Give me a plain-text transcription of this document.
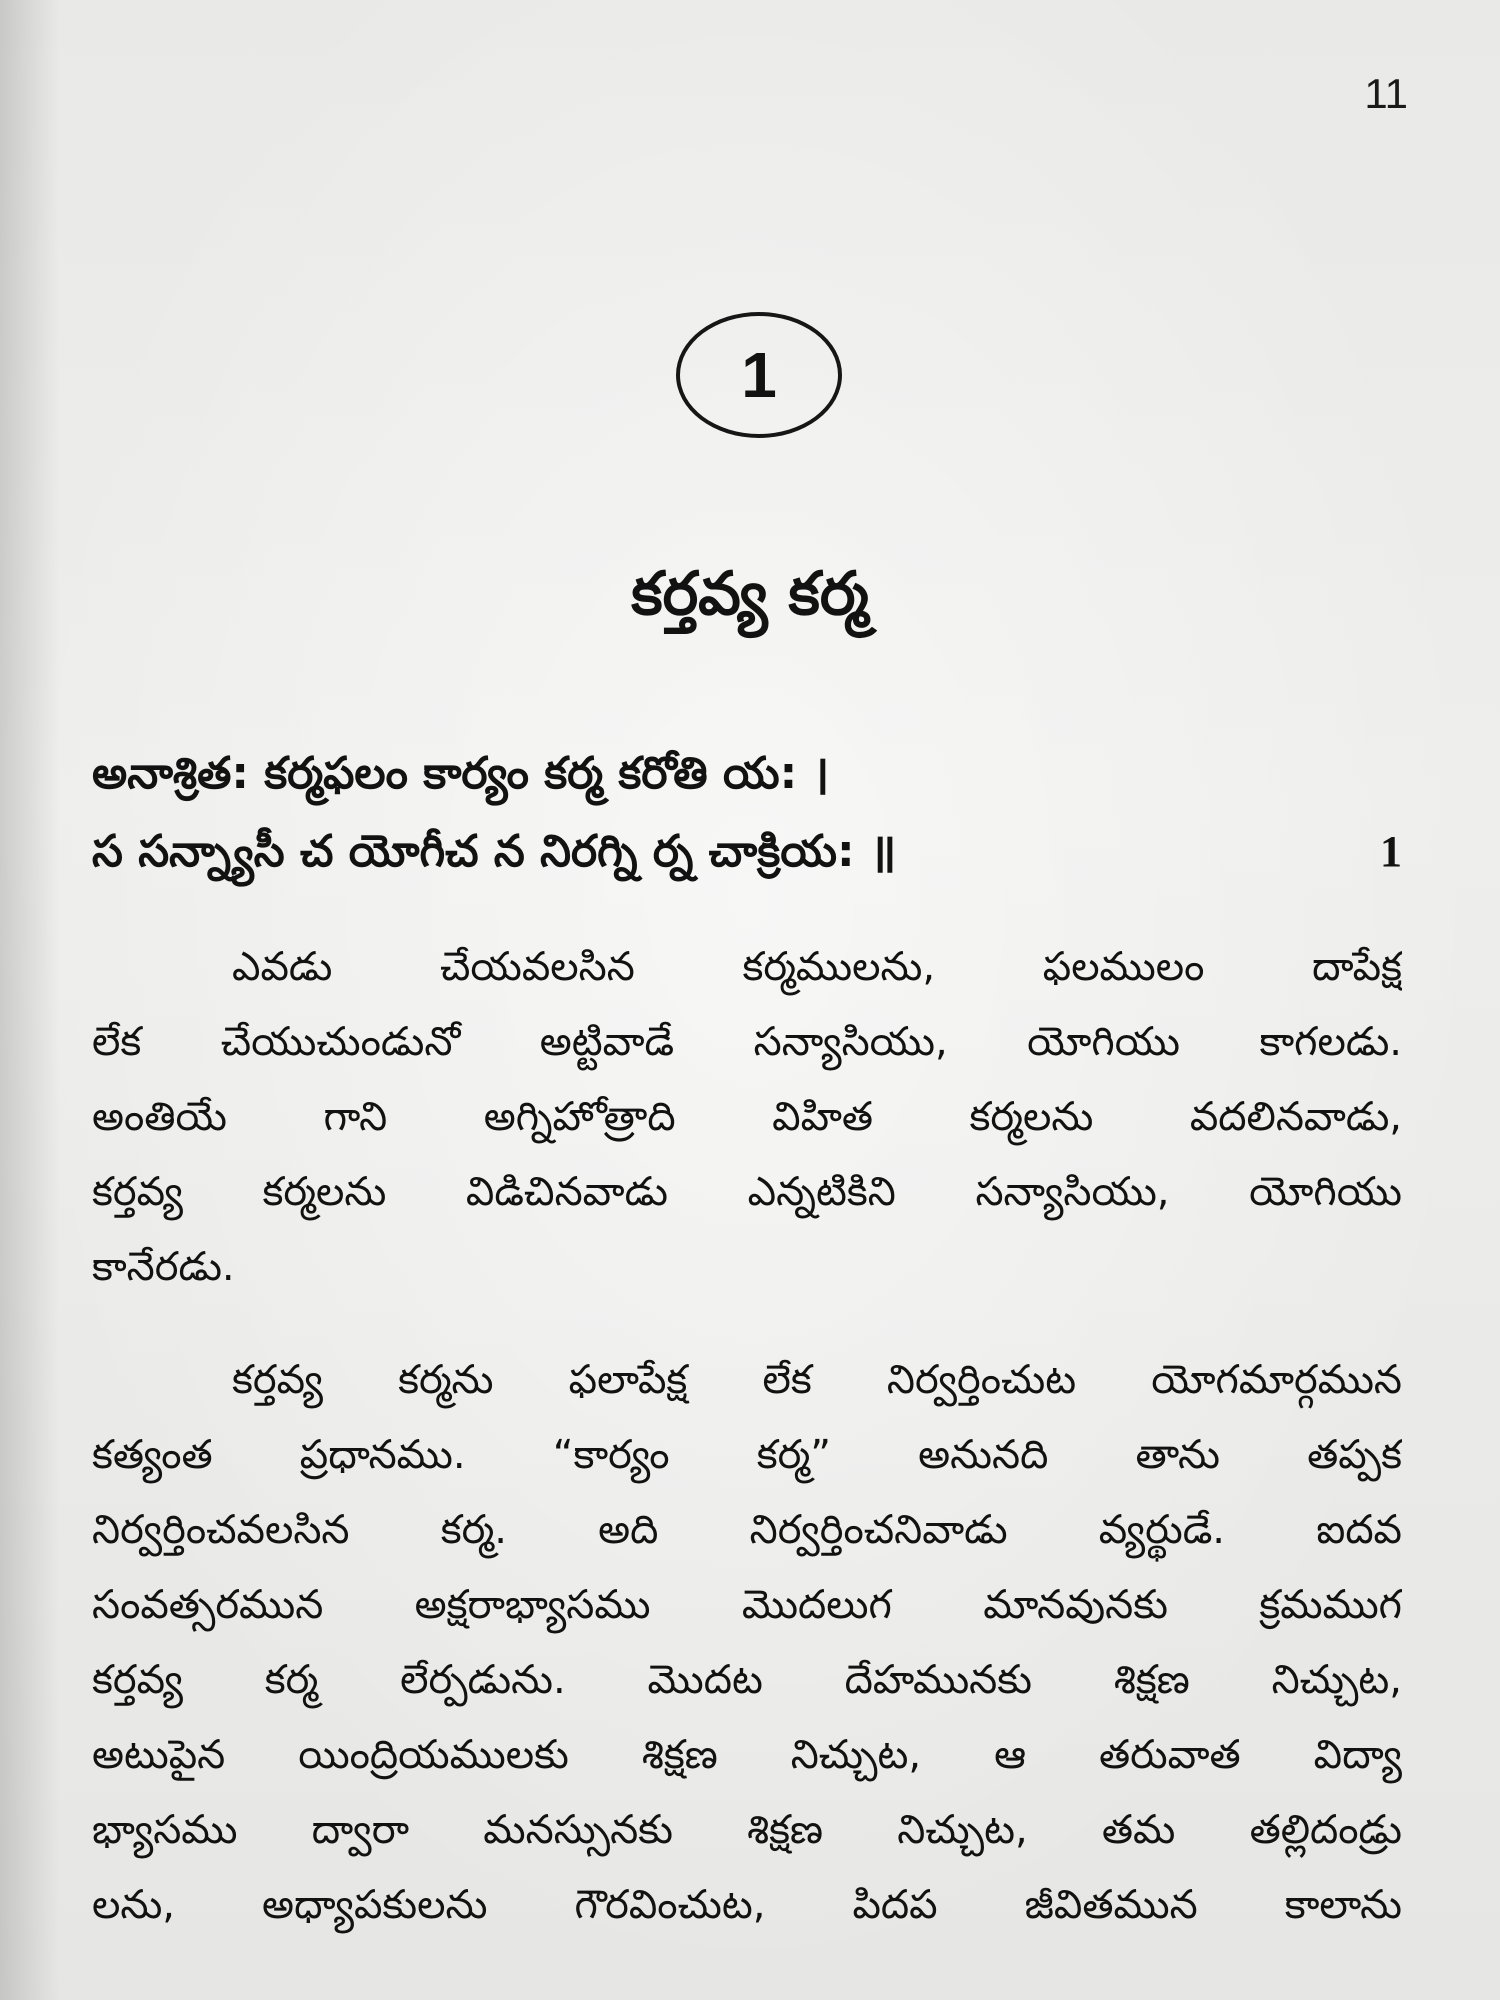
11
1
కర్తవ్య కర్మ
అనాశ్రిత: కర్మఫలం కార్యం కర్మ కరోతి య: ।
స సన్న్యాసీ చ యోగీచ న నిరగ్ని ర్న చాక్రియ: ॥	1
ఎవడు చేయవలసిన కర్మములను, ఫలములం దాపేక్ష
లేక చేయుచుండునో అట్టివాడే సన్యాసియు, యోగియు కాగలడు.
అంతియే గాని అగ్నిహోత్రాది విహిత కర్మలను వదలినవాడు,
కర్తవ్య కర్మలను విడిచినవాడు ఎన్నటికిని సన్యాసియు, యోగియు
కానేరడు.
కర్తవ్య కర్మను ఫలాపేక్ష లేక నిర్వర్తించుట యోగమార్గమున
కత్యంత ప్రధానము. “కార్యం కర్మ” అనునది తాను తప్పక
నిర్వర్తించవలసిన కర్మ. అది నిర్వర్తించనివాడు వ్యర్థుడే. ఐదవ
సంవత్సరమున అక్షరాభ్యాసము మొదలుగ మానవునకు క్రమముగ
కర్తవ్య కర్మ లేర్పడును. మొదట దేహమునకు శిక్షణ నిచ్చుట,
అటుపైన యింద్రియములకు శిక్షణ నిచ్చుట, ఆ తరువాత విద్యా
భ్యాసము ద్వారా మనస్సునకు శిక్షణ నిచ్చుట, తమ తల్లిదండ్రు
లను, అధ్యాపకులను గౌరవించుట, పిదప జీవితమున కాలాను
